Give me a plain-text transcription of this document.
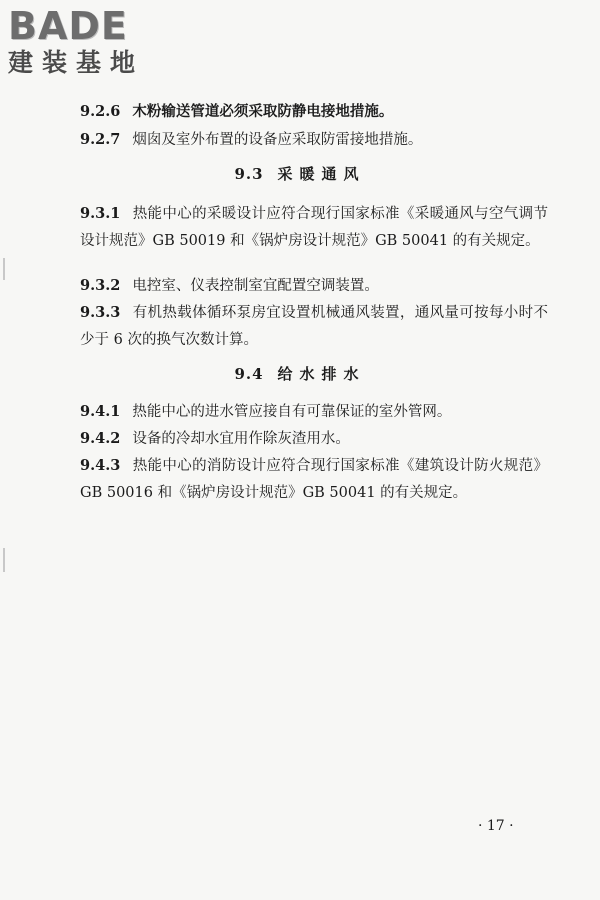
BADE
建装基地

9.2.6 木粉输送管道必须采取防静电接地措施。

9.2.7 烟囱及室外布置的设备应采取防雷接地措施。

9.3 采暖通风

9.3.1 热能中心的采暖设计应符合现行国家标准《采暖通风与空气调节设计规范》GB 50019 和《锅炉房设计规范》GB 50041 的有关规定。

9.3.2 电控室、仪表控制室宜配置空调装置。

9.3.3 有机热载体循环泵房宜设置机械通风装置，通风量可按每小时不少于 6 次的换气次数计算。

9.4 给水排水

9.4.1 热能中心的进水管应接自有可靠保证的室外管网。

9.4.2 设备的冷却水宜用作除灰渣用水。

9.4.3 热能中心的消防设计应符合现行国家标准《建筑设计防火规范》GB 50016 和《锅炉房设计规范》GB 50041 的有关规定。

· 17 ·
